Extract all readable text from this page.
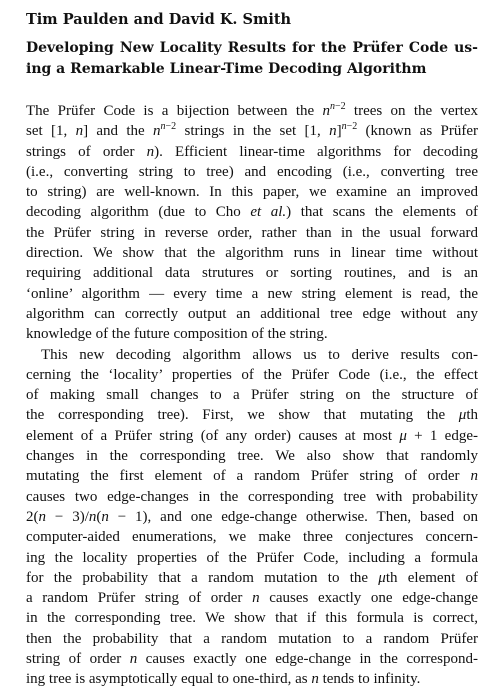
Tim Paulden and David K. Smith
Developing New Locality Results for the Prüfer Code us-
ing a Remarkable Linear-Time Decoding Algorithm
The Prüfer Code is a bijection between the $n^{n-2}$ trees on the vertex
set [1, n] and the $n^{n-2}$ strings in the set [1, n]$^{n-2}$ (known as Prüfer
strings of order n). Efficient linear-time algorithms for decoding
(i.e., converting string to tree) and encoding (i.e., converting tree
to string) are well-known. In this paper, we examine an improved
decoding algorithm (due to Cho et al.) that scans the elements of
the Prüfer string in reverse order, rather than in the usual forward
direction. We show that the algorithm runs in linear time without
requiring additional data strutures or sorting routines, and is an
‘online’ algorithm — every time a new string element is read, the
algorithm can correctly output an additional tree edge without any
knowledge of the future composition of the string.
This new decoding algorithm allows us to derive results con-
cerning the ‘locality’ properties of the Prüfer Code (i.e., the effect
of making small changes to a Prüfer string on the structure of
the corresponding tree). First, we show that mutating the μth
element of a Prüfer string (of any order) causes at most μ + 1 edge-
changes in the corresponding tree. We also show that randomly
mutating the first element of a random Prüfer string of order n
causes two edge-changes in the corresponding tree with probability
2(n − 3)/n(n − 1), and one edge-change otherwise. Then, based on
computer-aided enumerations, we make three conjectures concern-
ing the locality properties of the Prüfer Code, including a formula
for the probability that a random mutation to the μth element of
a random Prüfer string of order n causes exactly one edge-change
in the corresponding tree. We show that if this formula is correct,
then the probability that a random mutation to a random Prüfer
string of order n causes exactly one edge-change in the correspond-
ing tree is asymptotically equal to one-third, as n tends to infinity.
